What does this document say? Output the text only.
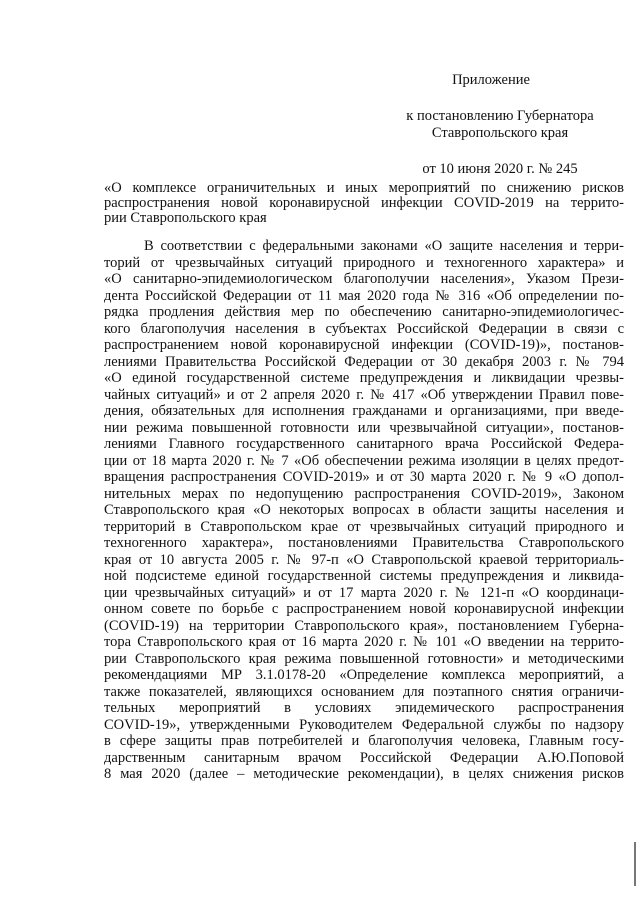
Приложение
к постановлению Губернатора
Ставропольского края
от 10 июня 2020 г. № 245
«О комплексе ограничительных и иных мероприятий по снижению рисков
распространения новой коронавирусной инфекции COVID-2019 на террито-
рии Ставропольского края
В соответствии с федеральными законами «О защите населения и терри-
торий от чрезвычайных ситуаций природного и техногенного характера» и
«О санитарно-эпидемиологическом благополучии населения», Указом Прези-
дента Российской Федерации от 11 мая 2020 года № 316 «Об определении по-
рядка продления действия мер по обеспечению санитарно-эпидемиологичес-
кого благополучия населения в субъектах Российской Федерации в связи с
распространением новой коронавирусной инфекции (COVID-19)», постанов-
лениями Правительства Российской Федерации от 30 декабря 2003 г. № 794
«О единой государственной системе предупреждения и ликвидации чрезвы-
чайных ситуаций» и от 2 апреля 2020 г. № 417 «Об утверждении Правил пове-
дения, обязательных для исполнения гражданами и организациями, при введе-
нии режима повышенной готовности или чрезвычайной ситуации», постанов-
лениями Главного государственного санитарного врача Российской Федера-
ции от 18 марта 2020 г. № 7 «Об обеспечении режима изоляции в целях предот-
вращения распространения COVID-2019» и от 30 марта 2020 г. № 9 «О допол-
нительных мерах по недопущению распространения COVID-2019», Законом
Ставропольского края «О некоторых вопросах в области защиты населения и
территорий в Ставропольском крае от чрезвычайных ситуаций природного и
техногенного характера», постановлениями Правительства Ставропольского
края от 10 августа 2005 г. № 97-п «О Ставропольской краевой территориаль-
ной подсистеме единой государственной системы предупреждения и ликвида-
ции чрезвычайных ситуаций» и от 17 марта 2020 г. № 121-п «О координаци-
онном совете по борьбе с распространением новой коронавирусной инфекции
(COVID-19) на территории Ставропольского края», постановлением Губерна-
тора Ставропольского края от 16 марта 2020 г. № 101 «О введении на террито-
рии Ставропольского края режима повышенной готовности» и методическими
рекомендациями МР 3.1.0178-20 «Определение комплекса мероприятий, а
также показателей, являющихся основанием для поэтапного снятия ограничи-
тельных мероприятий в условиях эпидемического распространения
COVID-19», утвержденными Руководителем Федеральной службы по надзору
в сфере защиты прав потребителей и благополучия человека, Главным госу-
дарственным санитарным врачом Российской Федерации А.Ю.Поповой
8 мая 2020 (далее – методические рекомендации), в целях снижения рисков
